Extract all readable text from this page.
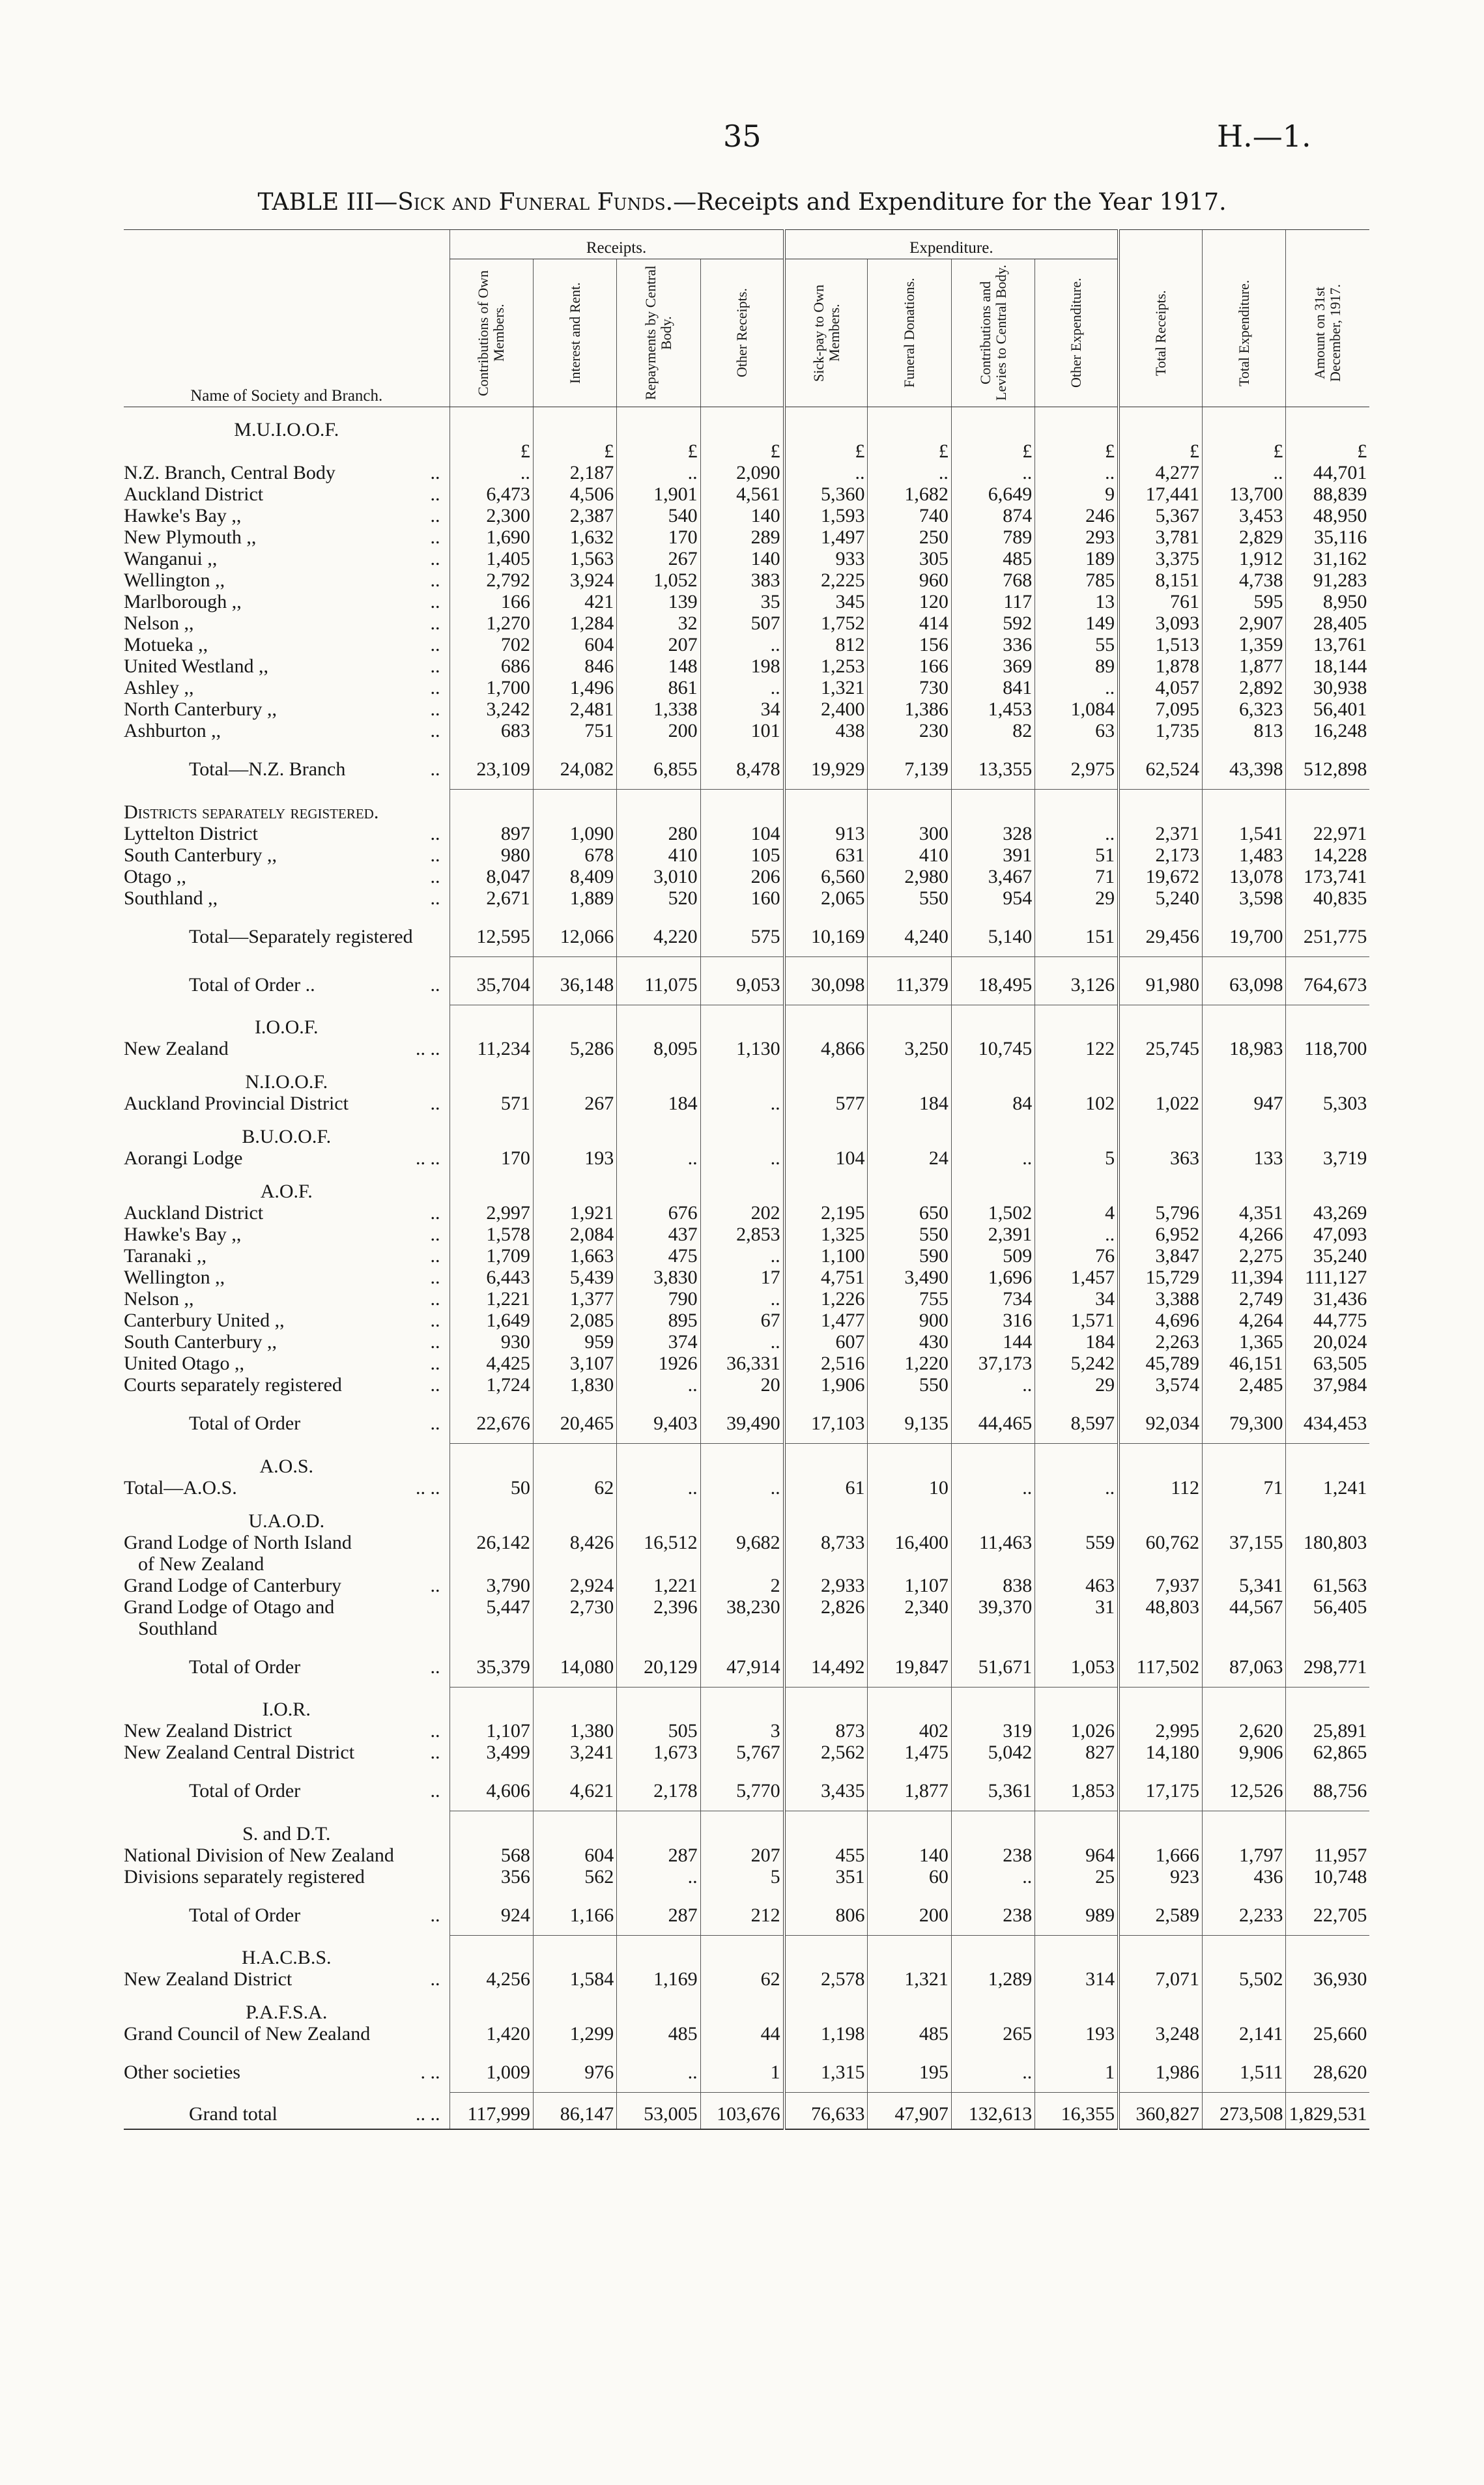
35	H.—1.
TABLE III—Sick and Funeral Funds.—Receipts and Expenditure for the Year 1917.
Name of Society and Branch.	Receipts.				Expenditure.						

	Contributions of Own Members.	Interest and Rent.	Repayments by Central Body.	Other Receipts.	Sick-pay to Own Members.	Funeral Donations.	Contributions and Levies to Central Body.	Other Expenditure.	Total Receipts.	Total Expenditure.	Amount on 31st December, 1917.

M.U.I.O.O.F.											
	£	£	£	£	£	£	£	£	£	£	£
N.Z. Branch, Central Body ..	..	2,187	..	2,090	..	..	..	..	4,277	..	44,701
Auckland District ..	6,473	4,506	1,901	4,561	5,360	1,682	6,649	9	17,441	13,700	88,839
Hawke's Bay ,, ..	2,300	2,387	540	140	1,593	740	874	246	5,367	3,453	48,950
New Plymouth ,, ..	1,690	1,632	170	289	1,497	250	789	293	3,781	2,829	35,116
Wanganui ,, ..	1,405	1,563	267	140	933	305	485	189	3,375	1,912	31,162
Wellington ,, ..	2,792	3,924	1,052	383	2,225	960	768	785	8,151	4,738	91,283
Marlborough ,, ..	166	421	139	35	345	120	117	13	761	595	8,950
Nelson ,, ..	1,270	1,284	32	507	1,752	414	592	149	3,093	2,907	28,405
Motueka ,, ..	702	604	207	..	812	156	336	55	1,513	1,359	13,761
United Westland ,, ..	686	846	148	198	1,253	166	369	89	1,878	1,877	18,144
Ashley ,, ..	1,700	1,496	861	..	1,321	730	841	..	4,057	2,892	30,938
North Canterbury ,, ..	3,242	2,481	1,338	34	2,400	1,386	1,453	1,084	7,095	6,323	56,401
Ashburton ,, ..	683	751	200	101	438	230	82	63	1,735	813	16,248
Total—N.Z. Branch ..	23,109	24,082	6,855	8,478	19,929	7,139	13,355	2,975	62,524	43,398	512,898
Districts separately registered.											
Lyttelton District ..	897	1,090	280	104	913	300	328	..	2,371	1,541	22,971
South Canterbury ,, ..	980	678	410	105	631	410	391	51	2,173	1,483	14,228
Otago ,, ..	8,047	8,409	3,010	206	6,560	2,980	3,467	71	19,672	13,078	173,741
Southland ,, ..	2,671	1,889	520	160	2,065	550	954	29	5,240	3,598	40,835
Total—Separately registered	12,595	12,066	4,220	575	10,169	4,240	5,140	151	29,456	19,700	251,775
Total of Order .. ..	35,704	36,148	11,075	9,053	30,098	11,379	18,495	3,126	91,980	63,098	764,673
I.O.O.F.											
New Zealand .. ..	11,234	5,286	8,095	1,130	4,866	3,250	10,745	122	25,745	18,983	118,700
N.I.O.O.F.											
Auckland Provincial District ..	571	267	184	..	577	184	84	102	1,022	947	5,303
B.U.O.O.F.											
Aorangi Lodge .. ..	170	193	..	..	104	24	..	5	363	133	3,719
A.O.F.											
Auckland District ..	2,997	1,921	676	202	2,195	650	1,502	4	5,796	4,351	43,269
Hawke's Bay ,, ..	1,578	2,084	437	2,853	1,325	550	2,391	..	6,952	4,266	47,093
Taranaki ,, ..	1,709	1,663	475	..	1,100	590	509	76	3,847	2,275	35,240
Wellington ,, ..	6,443	5,439	3,830	17	4,751	3,490	1,696	1,457	15,729	11,394	111,127
Nelson ,, ..	1,221	1,377	790	..	1,226	755	734	34	3,388	2,749	31,436
Canterbury United ,, ..	1,649	2,085	895	67	1,477	900	316	1,571	4,696	4,264	44,775
South Canterbury ,, ..	930	959	374	..	607	430	144	184	2,263	1,365	20,024
United Otago ,, ..	4,425	3,107	1926	36,331	2,516	1,220	37,173	5,242	45,789	46,151	63,505
Courts separately registered ..	1,724	1,830	..	20	1,906	550	..	29	3,574	2,485	37,984
Total of Order ..	22,676	20,465	9,403	39,490	17,103	9,135	44,465	8,597	92,034	79,300	434,453
A.O.S.											
Total—A.O.S. .. ..	50	62	..	..	61	10	..	..	112	71	1,241
U.A.O.D.											
Grand Lodge of North Island	26,142	8,426	16,512	9,682	8,733	16,400	11,463	559	60,762	37,155	180,803
of New Zealand											
Grand Lodge of Canterbury ..	3,790	2,924	1,221	2	2,933	1,107	838	463	7,937	5,341	61,563
Grand Lodge of Otago and	5,447	2,730	2,396	38,230	2,826	2,340	39,370	31	48,803	44,567	56,405
Southland											
Total of Order ..	35,379	14,080	20,129	47,914	14,492	19,847	51,671	1,053	117,502	87,063	298,771
I.O.R.											
New Zealand District ..	1,107	1,380	505	3	873	402	319	1,026	2,995	2,620	25,891
New Zealand Central District ..	3,499	3,241	1,673	5,767	2,562	1,475	5,042	827	14,180	9,906	62,865
Total of Order ..	4,606	4,621	2,178	5,770	3,435	1,877	5,361	1,853	17,175	12,526	88,756
S. and D.T.											
National Division of New Zealand	568	604	287	207	455	140	238	964	1,666	1,797	11,957
Divisions separately registered	356	562	..	5	351	60	..	25	923	436	10,748
Total of Order ..	924	1,166	287	212	806	200	238	989	2,589	2,233	22,705
H.A.C.B.S.											
New Zealand District ..	4,256	1,584	1,169	62	2,578	1,321	1,289	314	7,071	5,502	36,930
P.A.F.S.A.											
Grand Council of New Zealand	1,420	1,299	485	44	1,198	485	265	193	3,248	2,141	25,660
Other societies . ..	1,009	976	..	1	1,315	195	..	1	1,986	1,511	28,620
Grand total .. ..	117,999	86,147	53,005	103,676	76,633	47,907	132,613	16,355	360,827	273,508	1,829,531
